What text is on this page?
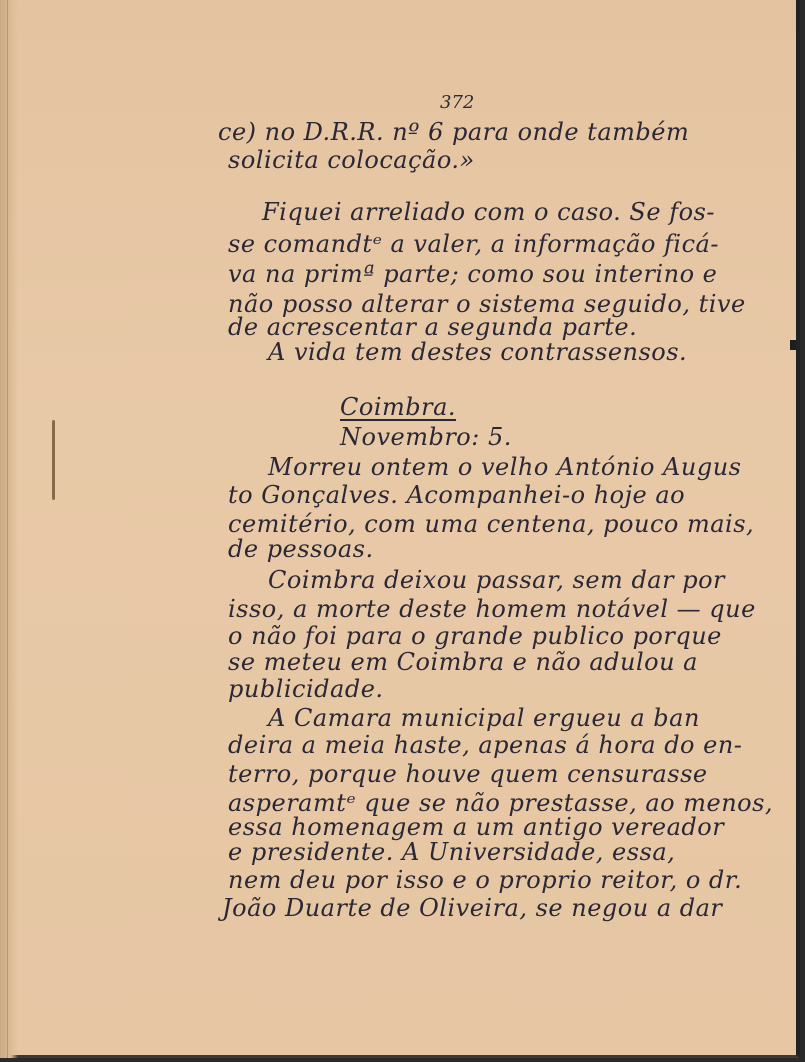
372
ce) no D.R.R. nº 6 para onde também
solicita colocação.»
Fiquei arreliado com o caso. Se fos-
se comandtᵉ a valer, a informação ficá-
va na primª parte; como sou interino e
não posso alterar o sistema seguido, tive
de acrescentar a segunda parte.
A vida tem destes contrassensos.
Coimbra.
Novembro: 5.
Morreu ontem o velho António Augus
to Gonçalves. Acompanhei-o hoje ao
cemitério, com uma centena, pouco mais,
de pessoas.
Coimbra deixou passar, sem dar por
isso, a morte deste homem notável — que
o não foi para o grande publico porque
se meteu em Coimbra e não adulou a
publicidade.
A Camara municipal ergueu a ban
deira a meia haste, apenas á hora do en-
terro, porque houve quem censurasse
asperamtᵉ que se não prestasse, ao menos,
essa homenagem a um antigo vereador
e presidente. A Universidade, essa,
nem deu por isso e o proprio reitor, o dr.
João Duarte de Oliveira, se negou a dar
